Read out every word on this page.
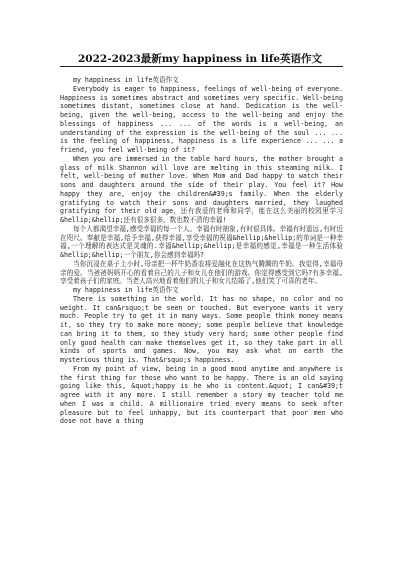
2022-2023最新my happiness in life英语作文

my happiness in life英语作文

Everybody is eager to happiness, feelings of well-being of everyone. Happiness is sometimes abstract and sometimes very specific. Well-being sometimes distant, sometimes close at hand. Dedication is the well-being, given the well-being, access to the well-being and enjoy the blessings of happiness ... ... of the words is a well-being, an understanding of the expression is the well-being of the soul ... ... is the feeling of happiness, happiness is a life experience ... ... a friend, you feel well-being of it?

When you are immersed in the table hard hours, the mother brought a glass of milk Shannon will love are melting in this steaming milk. I felt, well-being of mother love. When Mom and Dad happy to watch their sons and daughters around the side of their play. You feel it? How happy they are, enjoy the children&#39;s family. When the elderly gratifying to watch their sons and daughters married, they laughed gratifying for their old age，还有我爱的老师和同学，能在这么美丽的校园里学习&hellip;&hellip;还有很多很多，数也数不清的幸福!

每个人都渴望幸福,感受幸福的每一个人。幸福有时抽象,有时很具体。幸福有时遥远,有时近在咫尺。奉献是幸福,给予幸福,获得幸福,享受幸福的祝福&hellip;&hellip;的单词是一种幸福,一个理解的表达式是灵魂的.幸福&hellip;&hellip;是幸福的感觉,幸福是一种生活体验&hellip;&hellip;一个朋友,你会感到幸福吗?

当你沉浸在桌子上小时,母亲把一杯牛奶香农将爱融化在这热气腾腾的牛奶。我觉得,幸福母亲的爱。当爸爸妈妈开心的看着自己的儿子和女儿在他们的游戏。你觉得感受到它吗?有多幸福,享受着孩子们的家庭。当老人高兴地看着他们的儿子和女儿结婚了,他们笑了可喜的老年。

my happiness in life英语作文

There is something in the world. It has no shape, no color and no weight. It can&rsquo;t be seen or touched. But everyone wants it very much. People try to get it in many ways. Some people think money means it, so they try to make more money; some people believe that knowledge can bring it to them, so they study very hard; some other people find only good health can make themselves get it, so they take part in all kinds of sports and games. Now, you may ask what on earth the mysterious thing is. That&rsquo;s happiness.

From my point of view, being in a good mood anytime and anywhere is the first thing for those who want to be happy. There is an old saying going like this, &quot;happy is he who is content.&quot; I can&#39;t agree with it any more. I still remember a story my teacher told me when I was a child. A millionaire tried every means to seek after pleasure but to feel unhappy, but its counterpart that poor men who dose not have a thing
